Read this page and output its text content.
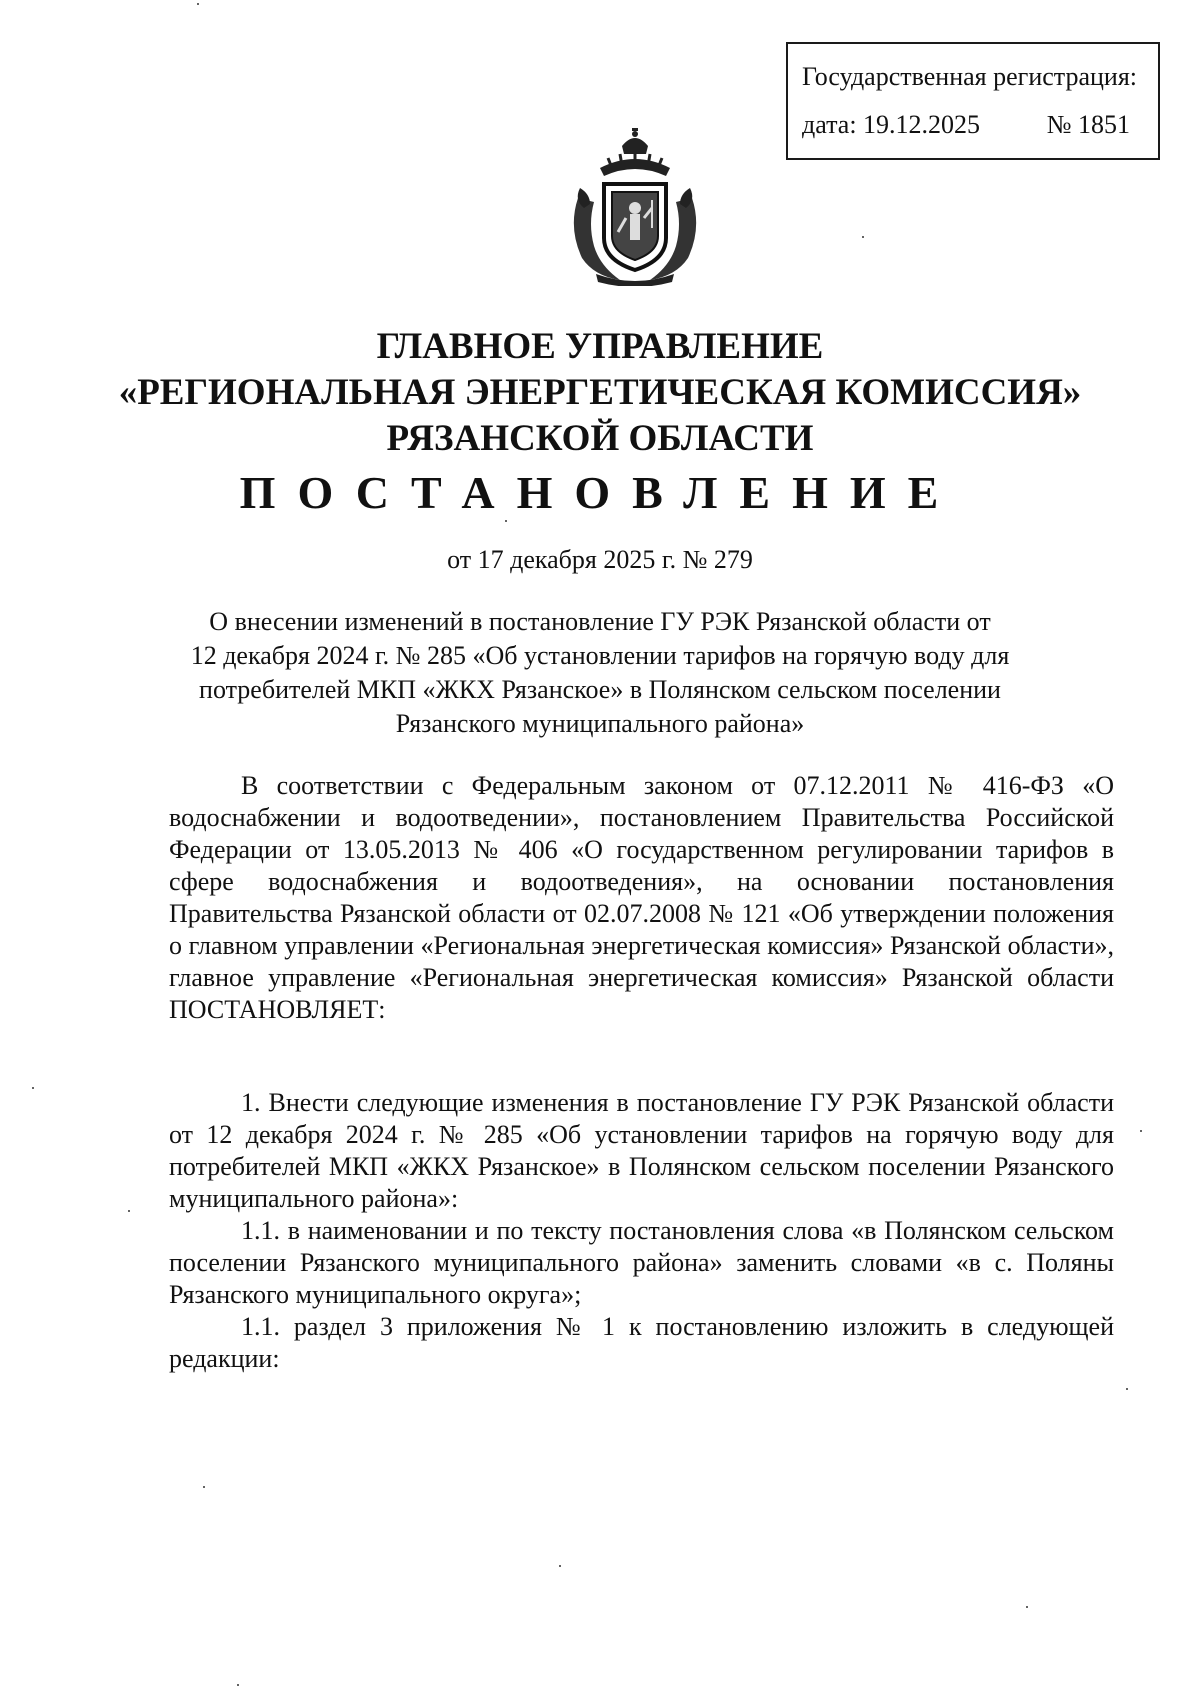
Государственная регистрация:
дата: 19.12.2025	№ 1851
ГЛАВНОЕ УПРАВЛЕНИЕ
«РЕГИОНАЛЬНАЯ ЭНЕРГЕТИЧЕСКАЯ КОМИССИЯ»
РЯЗАНСКОЙ ОБЛАСТИ
ПОСТАНОВЛЕНИЕ
от 17 декабря 2025 г. № 279
О внесении изменений в постановление ГУ РЭК Рязанской области от
12 декабря 2024 г. № 285 «Об установлении тарифов на горячую воду для
потребителей МКП «ЖКХ Рязанское» в Полянском сельском поселении
Рязанского муниципального района»

В соответствии с Федеральным законом от 07.12.2011 № 416-ФЗ «О водоснабжении и водоотведении», постановлением Правительства Российской Федерации от 13.05.2013 № 406 «О государственном регулировании тарифов в сфере водоснабжения и водоотведения», на основании постановления Правительства Рязанской области от 02.07.2008 № 121 «Об утверждении положения о главном управлении «Региональная энергетическая комиссия» Рязанской области», главное управление «Региональная энергетическая комиссия» Рязанской области ПОСТАНОВЛЯЕТ:

1. Внести следующие изменения в постановление ГУ РЭК Рязанской области от 12 декабря 2024 г. № 285 «Об установлении тарифов на горячую воду для потребителей МКП «ЖКХ Рязанское» в Полянском сельском поселении Рязанского муниципального района»:

1.1. в наименовании и по тексту постановления слова «в Полянском сельском поселении Рязанского муниципального района» заменить словами «в с. Поляны Рязанского муниципального округа»;

1.1. раздел 3 приложения № 1 к постановлению изложить в следующей редакции:
